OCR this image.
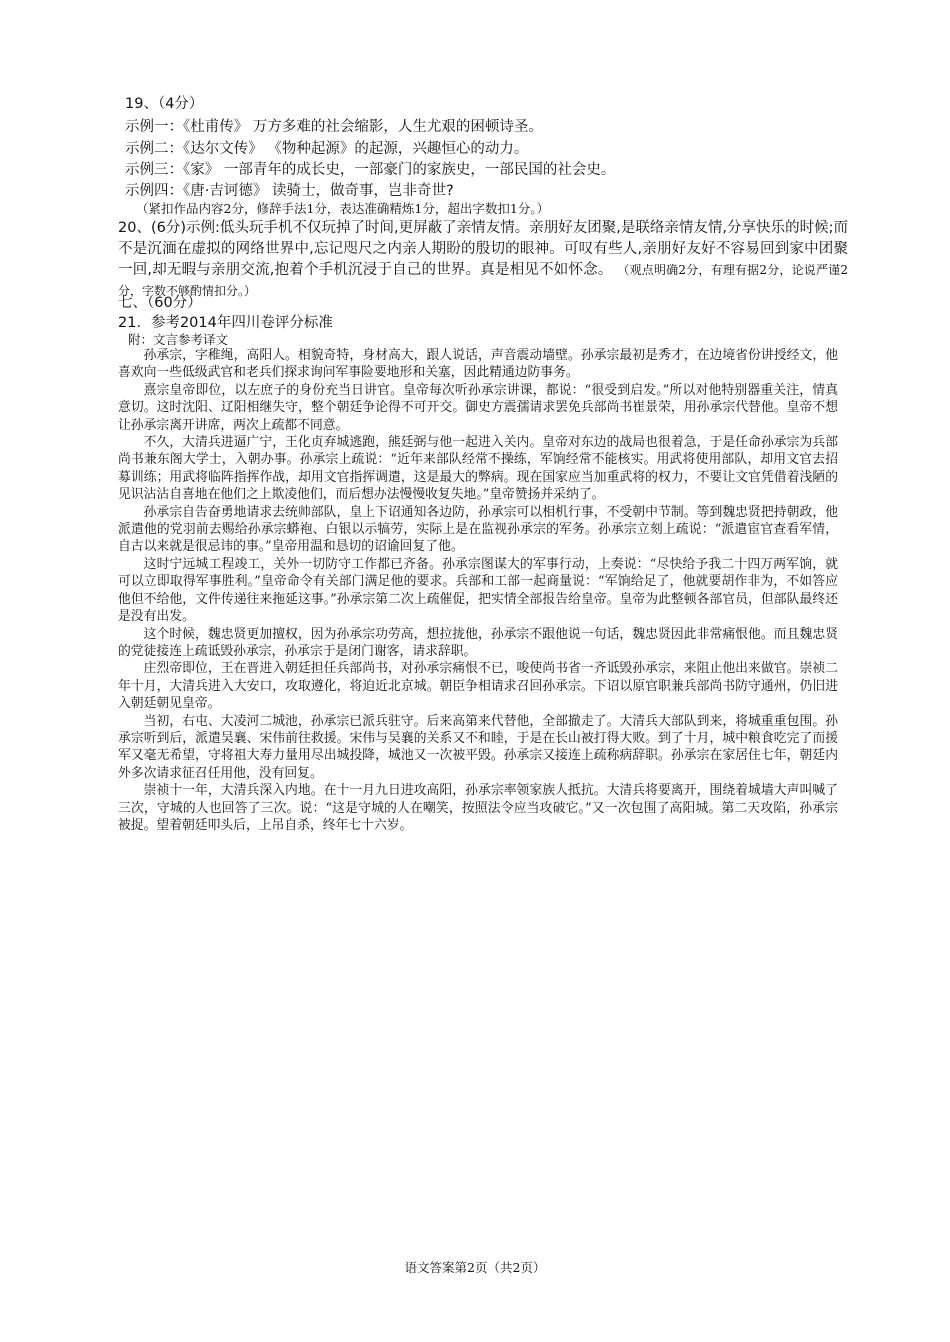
19、（4分）
示例一：《杜甫传》 万方多难的社会缩影，人生尤艰的困顿诗圣。
示例二：《达尔文传》 《物种起源》的起源，兴趣恒心的动力。
示例三：《家》 一部青年的成长史，一部豪门的家族史，一部民国的社会史。
示例四：《唐·吉诃德》 读骑士，做奇事，岂非奇世?
（紧扣作品内容2分，修辞手法1分，表达准确精炼1分，超出字数扣1分。）
20、(6分)示例:低头玩手机不仅玩掉了时间,更屏蔽了亲情友情。亲朋好友团聚,是联络亲情友情,分享快乐的时候;而不是沉湎在虚拟的网络世界中,忘记咫尺之内亲人期盼的殷切的眼神。可叹有些人,亲朋好友好不容易回到家中团聚一回,却无暇与亲朋交流,抱着个手机沉浸于自己的世界。真是相见不如怀念。 （观点明确2分，有理有据2分，论说严谨2分，字数不够酌情扣分。）
七、（60分）
21．参考2014年四川卷评分标准
附：文言参考译文
孙承宗，字稚绳，高阳人。相貌奇特，身材高大，跟人说话，声音震动墙壁。孙承宗最初是秀才，在边境省份讲授经文，他喜欢向一些低级武官和老兵们探求询问军事险要地形和关塞，因此精通边防事务。
熹宗皇帝即位，以左庶子的身份充当日讲官。皇帝每次听孙承宗讲课，都说：“很受到启发。”所以对他特别器重关注，情真意切。这时沈阳、辽阳相继失守，整个朝廷争论得不可开交。御史方震孺请求罢免兵部尚书崔景荣，用孙承宗代替他。皇帝不想让孙承宗离开讲席，两次上疏都不同意。
不久，大清兵进逼广宁，王化贞弃城逃跑，熊廷弼与他一起进入关内。皇帝对东边的战局也很着急，于是任命孙承宗为兵部尚书兼东阁大学士，入朝办事。孙承宗上疏说：“近年来部队经常不操练，军饷经常不能核实。用武将使用部队，却用文官去招募训练；用武将临阵指挥作战，却用文官指挥调遣，这是最大的弊病。现在国家应当加重武将的权力，不要让文官凭借着浅陋的见识沾沾自喜地在他们之上欺凌他们，而后想办法慢慢收复失地。”皇帝赞扬并采纳了。
孙承宗自告奋勇地请求去统帅部队，皇上下诏通知各边防，孙承宗可以相机行事，不受朝中节制。等到魏忠贤把持朝政，他派遣他的党羽前去赐给孙承宗蟒袍、白银以示犒劳，实际上是在监视孙承宗的军务。孙承宗立刻上疏说：“派遣宦官查看军情，自古以来就是很忌讳的事。”皇帝用温和恳切的诏谕回复了他。
这时宁远城工程竣工，关外一切防守工作都已齐备。孙承宗图谋大的军事行动，上奏说：“尽快给予我二十四万两军饷，就可以立即取得军事胜利。”皇帝命令有关部门满足他的要求。兵部和工部一起商量说：“军饷给足了，他就要胡作非为，不如答应他但不给他，文件传递往来拖延这事。”孙承宗第二次上疏催促，把实情全部报告给皇帝。皇帝为此整顿各部官员，但部队最终还是没有出发。
这个时候，魏忠贤更加擅权，因为孙承宗功劳高，想拉拢他，孙承宗不跟他说一句话，魏忠贤因此非常痛恨他。而且魏忠贤的党徒接连上疏诋毁孙承宗，孙承宗于是闭门谢客，请求辞职。
庄烈帝即位，王在晋进入朝廷担任兵部尚书，对孙承宗痛恨不已，唆使尚书省一齐诋毁孙承宗，来阻止他出来做官。崇祯二年十月，大清兵进入大安口，攻取遵化，将迫近北京城。朝臣争相请求召回孙承宗。下诏以原官职兼兵部尚书防守通州，仍旧进入朝廷朝见皇帝。
当初，右屯、大凌河二城池，孙承宗已派兵驻守。后来高第来代替他，全部撤走了。大清兵大部队到来，将城重重包围。孙承宗听到后，派遣吴襄、宋伟前往救援。宋伟与吴襄的关系又不和睦，于是在长山被打得大败。到了十月，城中粮食吃完了而援军又毫无希望，守将祖大寿力量用尽出城投降，城池又一次被平毁。孙承宗又接连上疏称病辞职。孙承宗在家居住七年，朝廷内外多次请求征召任用他，没有回复。
崇祯十一年，大清兵深入内地。在十一月九日进攻高阳，孙承宗率领家族人抵抗。大清兵将要离开，围绕着城墙大声叫喊了三次，守城的人也回答了三次。说：“这是守城的人在嘲笑，按照法令应当攻破它。”又一次包围了高阳城。第二天攻陷，孙承宗被捉。望着朝廷叩头后，上吊自杀，终年七十六岁。
语文答案第2页（共2页）
